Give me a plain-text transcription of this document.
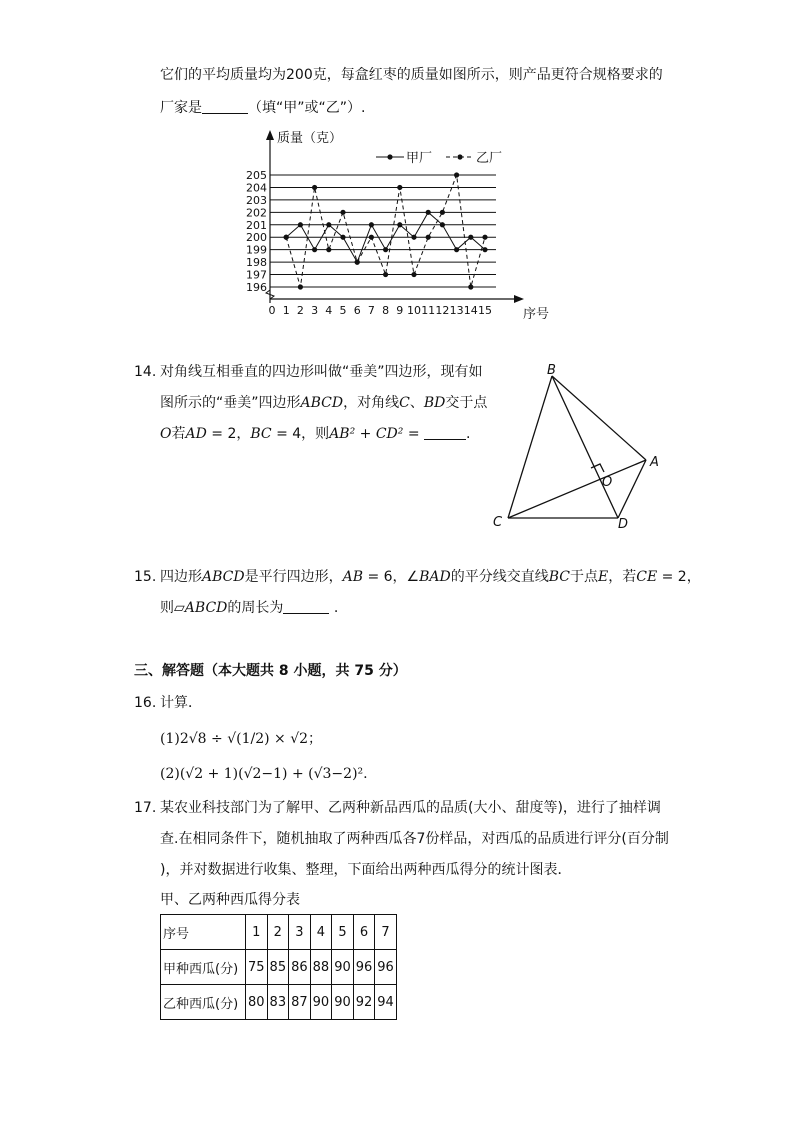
它们的平均质量均为200克，每盒红枣的质量如图所示，则产品更符合规格要求的
厂家是	（填“甲”或“乙”）.
甲厂	乙厂
196
197
198
199
200
201
202
203
204
205
0 1 2 3 4 5 6 7 8 9 10 11 12 13 14 15
质量（克）
序号
14. 对角线互相垂直的四边形叫做“垂美”四边形，现有如
图所示的“垂美”四边形ABCD，对角线C、BD交于点
O若AD = 2，BC = 4，则AB² + CD² =	.
B
A
O
C	D
15. 四边形ABCD是平行四边形，AB = 6，∠BAD的平分线交直线BC于点E，若CE = 2，
则▱ABCD的周长为	.
三、解答题（本大题共 8 小题，共 75 分）
16. 计算．
(1)2√8 ÷ √(1/2) × √2；
(2)(√2 + 1)(√2−1) + (√3−2)².
17. 某农业科技部门为了解甲、乙两种新品西瓜的品质(大小、甜度等)，进行了抽样调
查.在相同条件下，随机抽取了两种西瓜各7份样品，对西瓜的品质进行评分(百分制
)，并对数据进行收集、整理，下面给出两种西瓜得分的统计图表．
甲、乙两种西瓜得分表
序号	1	2	3	4	5	6	7
甲种西瓜(分)	75	85	86	88	90	96	96
乙种西瓜(分)	80	83	87	90	90	92	94
